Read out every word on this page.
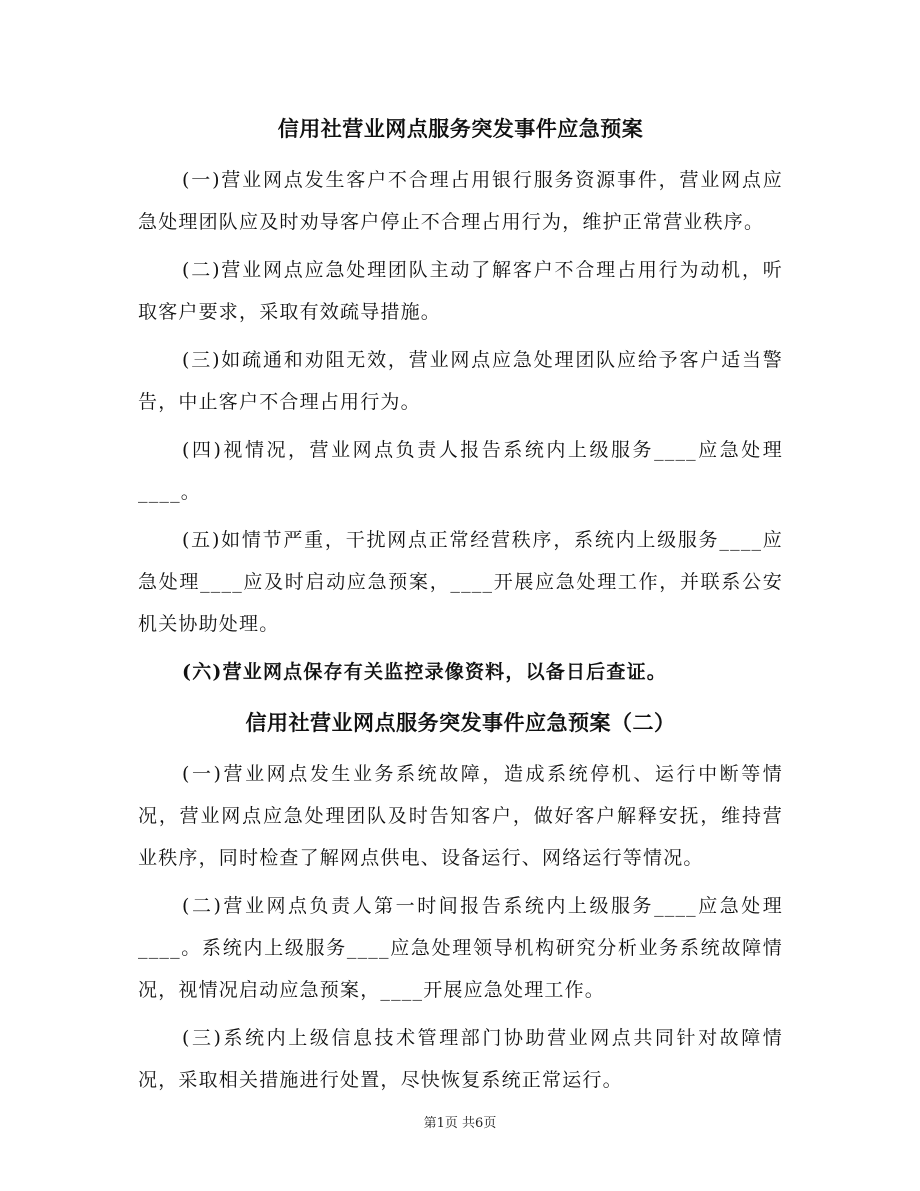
信用社营业网点服务突发事件应急预案

(一)营业网点发生客户不合理占用银行服务资源事件，营业网点应急处理团队应及时劝导客户停止不合理占用行为，维护正常营业秩序。

(二)营业网点应急处理团队主动了解客户不合理占用行为动机，听取客户要求，采取有效疏导措施。

(三)如疏通和劝阻无效，营业网点应急处理团队应给予客户适当警告，中止客户不合理占用行为。

(四)视情况，营业网点负责人报告系统内上级服务____应急处理____。

(五)如情节严重，干扰网点正常经营秩序，系统内上级服务____应急处理____应及时启动应急预案，____开展应急处理工作，并联系公安机关协助处理。

(六)营业网点保存有关监控录像资料，以备日后查证。

信用社营业网点服务突发事件应急预案（二）

(一)营业网点发生业务系统故障，造成系统停机、运行中断等情况，营业网点应急处理团队及时告知客户，做好客户解释安抚，维持营业秩序，同时检查了解网点供电、设备运行、网络运行等情况。

(二)营业网点负责人第一时间报告系统内上级服务____应急处理____。系统内上级服务____应急处理领导机构研究分析业务系统故障情况，视情况启动应急预案，____开展应急处理工作。

(三)系统内上级信息技术管理部门协助营业网点共同针对故障情况，采取相关措施进行处置，尽快恢复系统正常运行。

第1页 共6页
